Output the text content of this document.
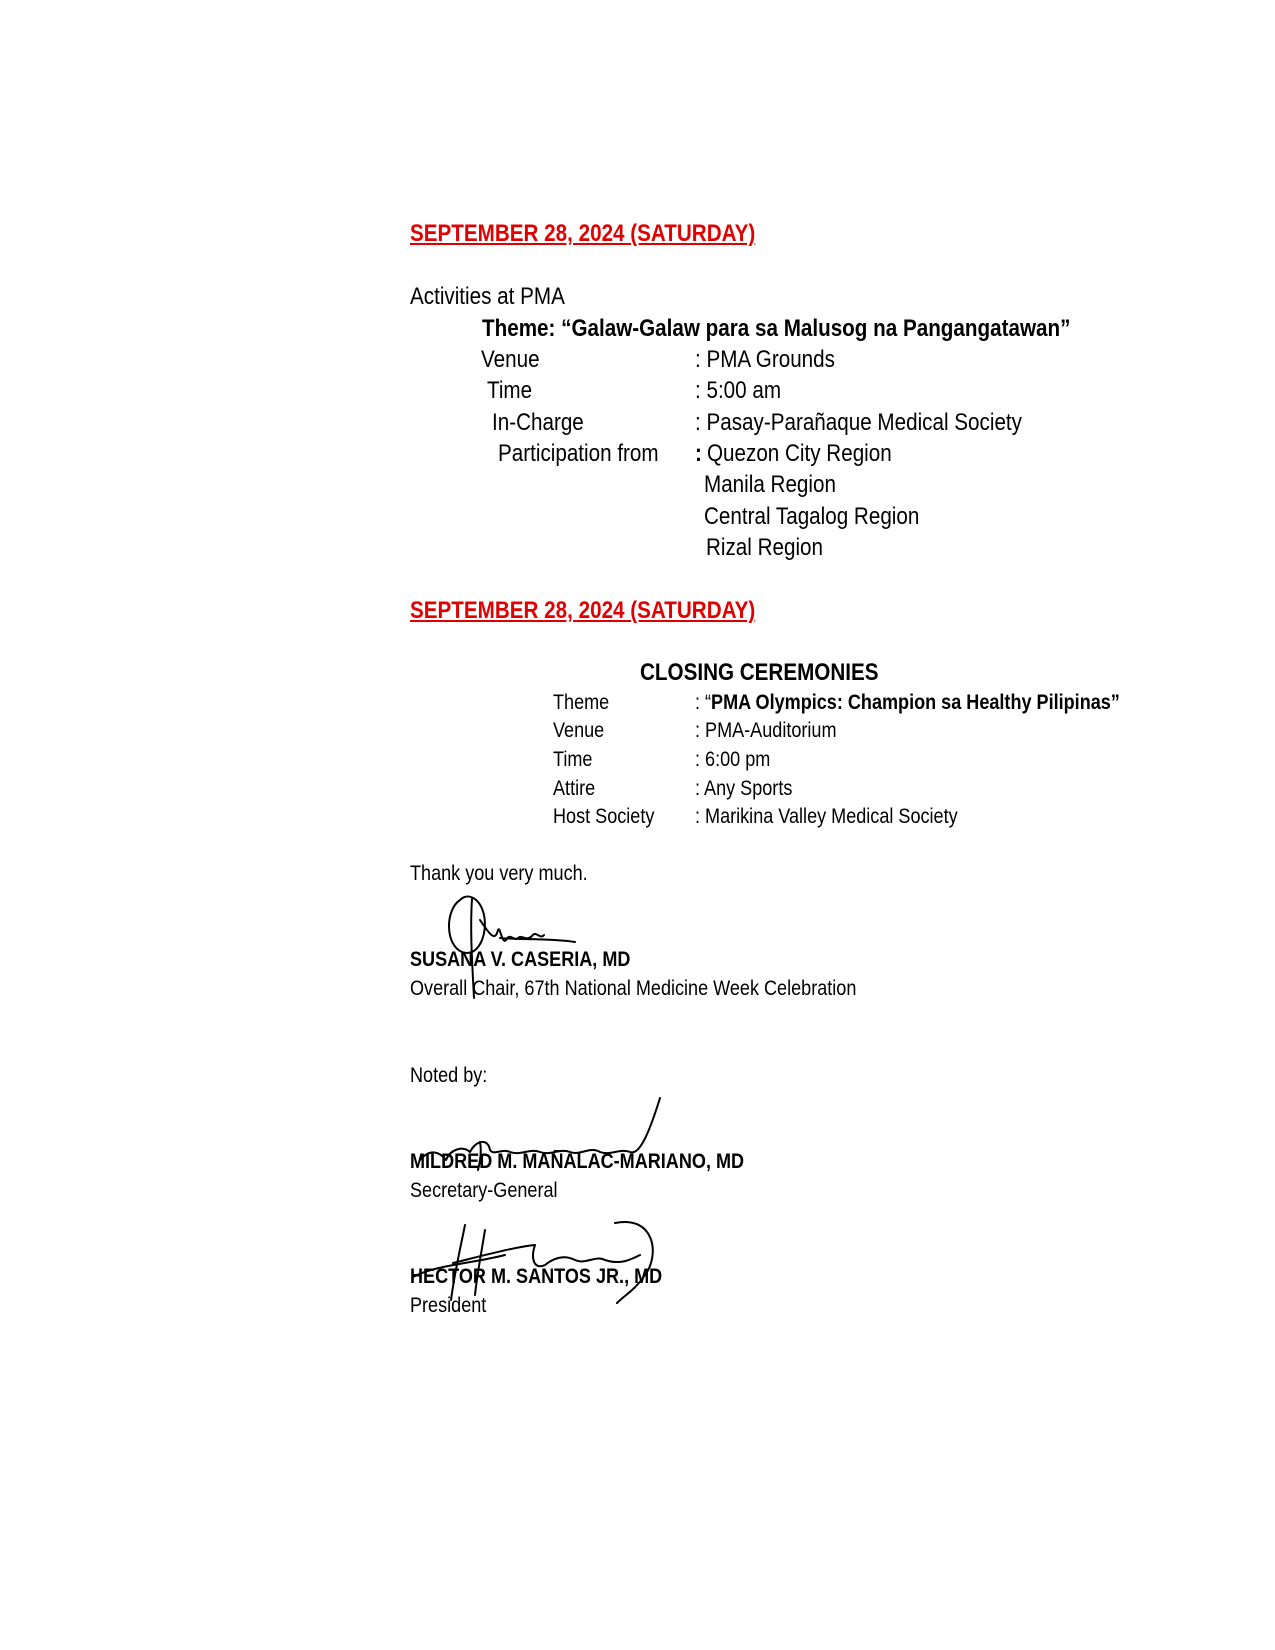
SEPTEMBER 28, 2024 (SATURDAY)
Activities at PMA
Theme: “Galaw-Galaw para sa Malusog na Pangangatawan”
Venue	: PMA Grounds
Time	: 5:00 am
In-Charge	: Pasay-Parañaque Medical Society
Participation from : Quezon City Region
Manila Region
Central Tagalog Region
Rizal Region
SEPTEMBER 28, 2024 (SATURDAY)
CLOSING CEREMONIES
Theme	: “PMA Olympics: Champion sa Healthy Pilipinas”
Venue	: PMA-Auditorium
Time	: 6:00 pm
Attire	: Any Sports
Host Society : Marikina Valley Medical Society
Thank you very much.
SUSANA V. CASERIA, MD
Overall Chair, 67th National Medicine Week Celebration
Noted by:
MILDRED M. MAÑALAC-MARIANO, MD
Secretary-General
HECTOR M. SANTOS JR., MD
President
